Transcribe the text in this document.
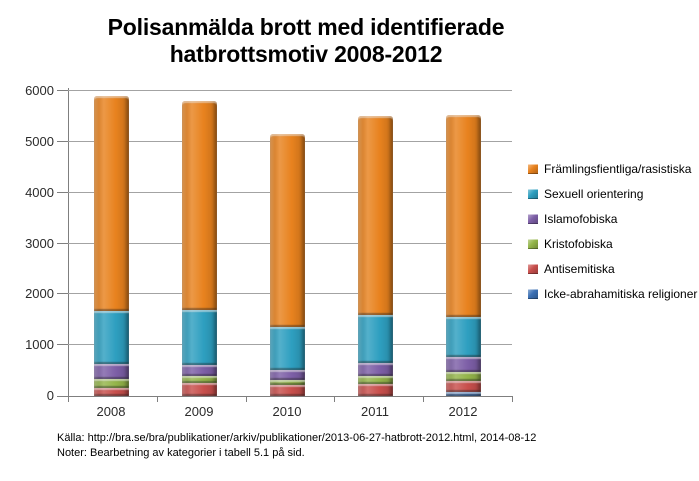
Polisanmälda brott med identifierade
hatbrottsmotiv 2008-2012
0
1000
2000
3000
4000
5000
6000
2008	2009	2010	2011	2012
Främlingsfientliga/rasistiska
Sexuell orientering
Islamofobiska
Kristofobiska
Antisemitiska
Icke-abrahamitiska religioner
Källa: http://bra.se/bra/publikationer/arkiv/publikationer/2013-06-27-hatbrott-2012.html, 2014-08-12
Noter: Bearbetning av kategorier i tabell 5.1 på sid.
